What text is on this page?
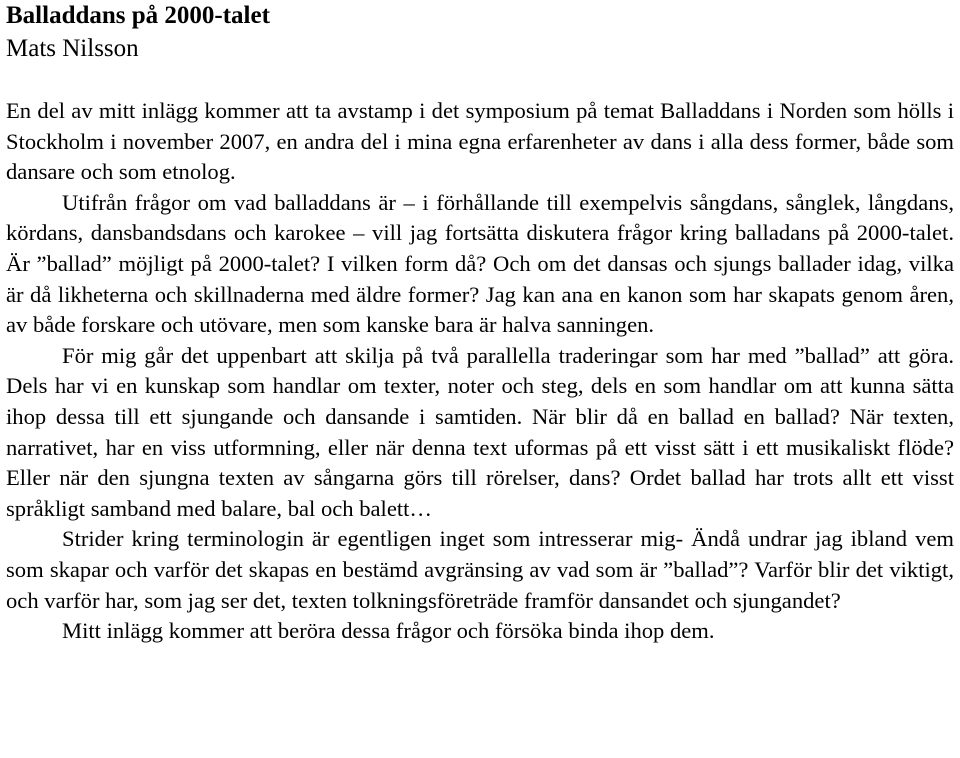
Balladdans på 2000-talet
Mats Nilsson

En del av mitt inlägg kommer att ta avstamp i det symposium på temat Balladdans i Norden som hölls i Stockholm i november 2007, en andra del i mina egna erfarenheter av dans i alla dess former, både som dansare och som etnolog.

Utifrån frågor om vad balladdans är – i förhållande till exempelvis sångdans, sånglek, långdans, kördans, dansbandsdans och karokee – vill jag fortsätta diskutera frågor kring balladans på 2000-talet. Är ”ballad” möjligt på 2000-talet? I vilken form då? Och om det dansas och sjungs ballader idag, vilka är då likheterna och skillnaderna med äldre former? Jag kan ana en kanon som har skapats genom åren, av både forskare och utövare, men som kanske bara är halva sanningen.

För mig går det uppenbart att skilja på två parallella traderingar som har med ”ballad” att göra. Dels har vi en kunskap som handlar om texter, noter och steg, dels en som handlar om att kunna sätta ihop dessa till ett sjungande och dansande i samtiden. När blir då en ballad en ballad? När texten, narrativet, har en viss utformning, eller när denna text uformas på ett visst sätt i ett musikaliskt flöde? Eller när den sjungna texten av sångarna görs till rörelser, dans? Ordet ballad har trots allt ett visst språkligt samband med balare, bal och balett…

Strider kring terminologin är egentligen inget som intresserar mig- Ändå undrar jag ibland vem som skapar och varför det skapas en bestämd avgränsing av vad som är ”ballad”? Varför blir det viktigt, och varför har, som jag ser det, texten tolkningsföreträde framför dansandet och sjungandet?

Mitt inlägg kommer att beröra dessa frågor och försöka binda ihop dem.
